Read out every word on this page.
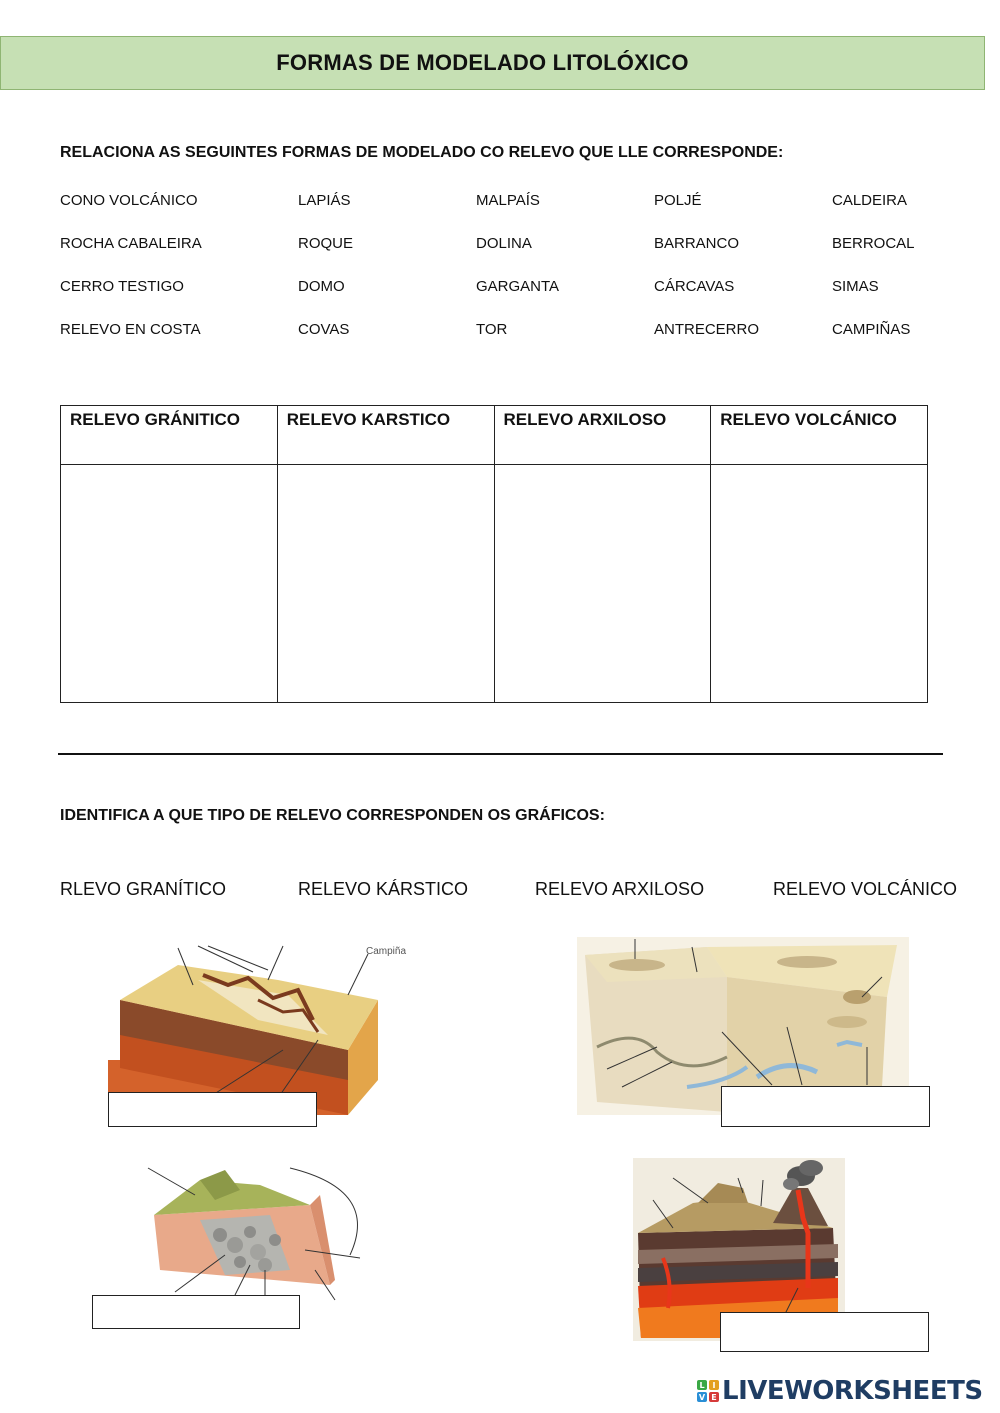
FORMAS DE MODELADO LITOLÓXICO
RELACIONA AS SEGUINTES FORMAS DE MODELADO CO RELEVO QUE LLE CORRESPONDE:
CONO VOLCÁNICO	LAPIÁS	MALPAÍS	POLJÉ	CALDEIRA
ROCHA CABALEIRA	ROQUE	DOLINA	BARRANCO	BERROCAL
CERRO TESTIGO	DOMO	GARGANTA	CÁRCAVAS	SIMAS
RELEVO EN COSTA	COVAS	TOR	ANTRECERRO	CAMPIÑAS
RELEVO GRÁNITICO	RELEVO KARSTICO	RELEVO ARXILOSO	RELEVO VOLCÁNICO

IDENTIFICA A QUE TIPO DE RELEVO CORRESPONDEN OS GRÁFICOS:
RLEVO GRANÍTICO	RELEVO KÁRSTICO	RELEVO ARXILOSO	RELEVO VOLCÁNICO
Campiña
L I
V E LIVEWORKSHEETS
